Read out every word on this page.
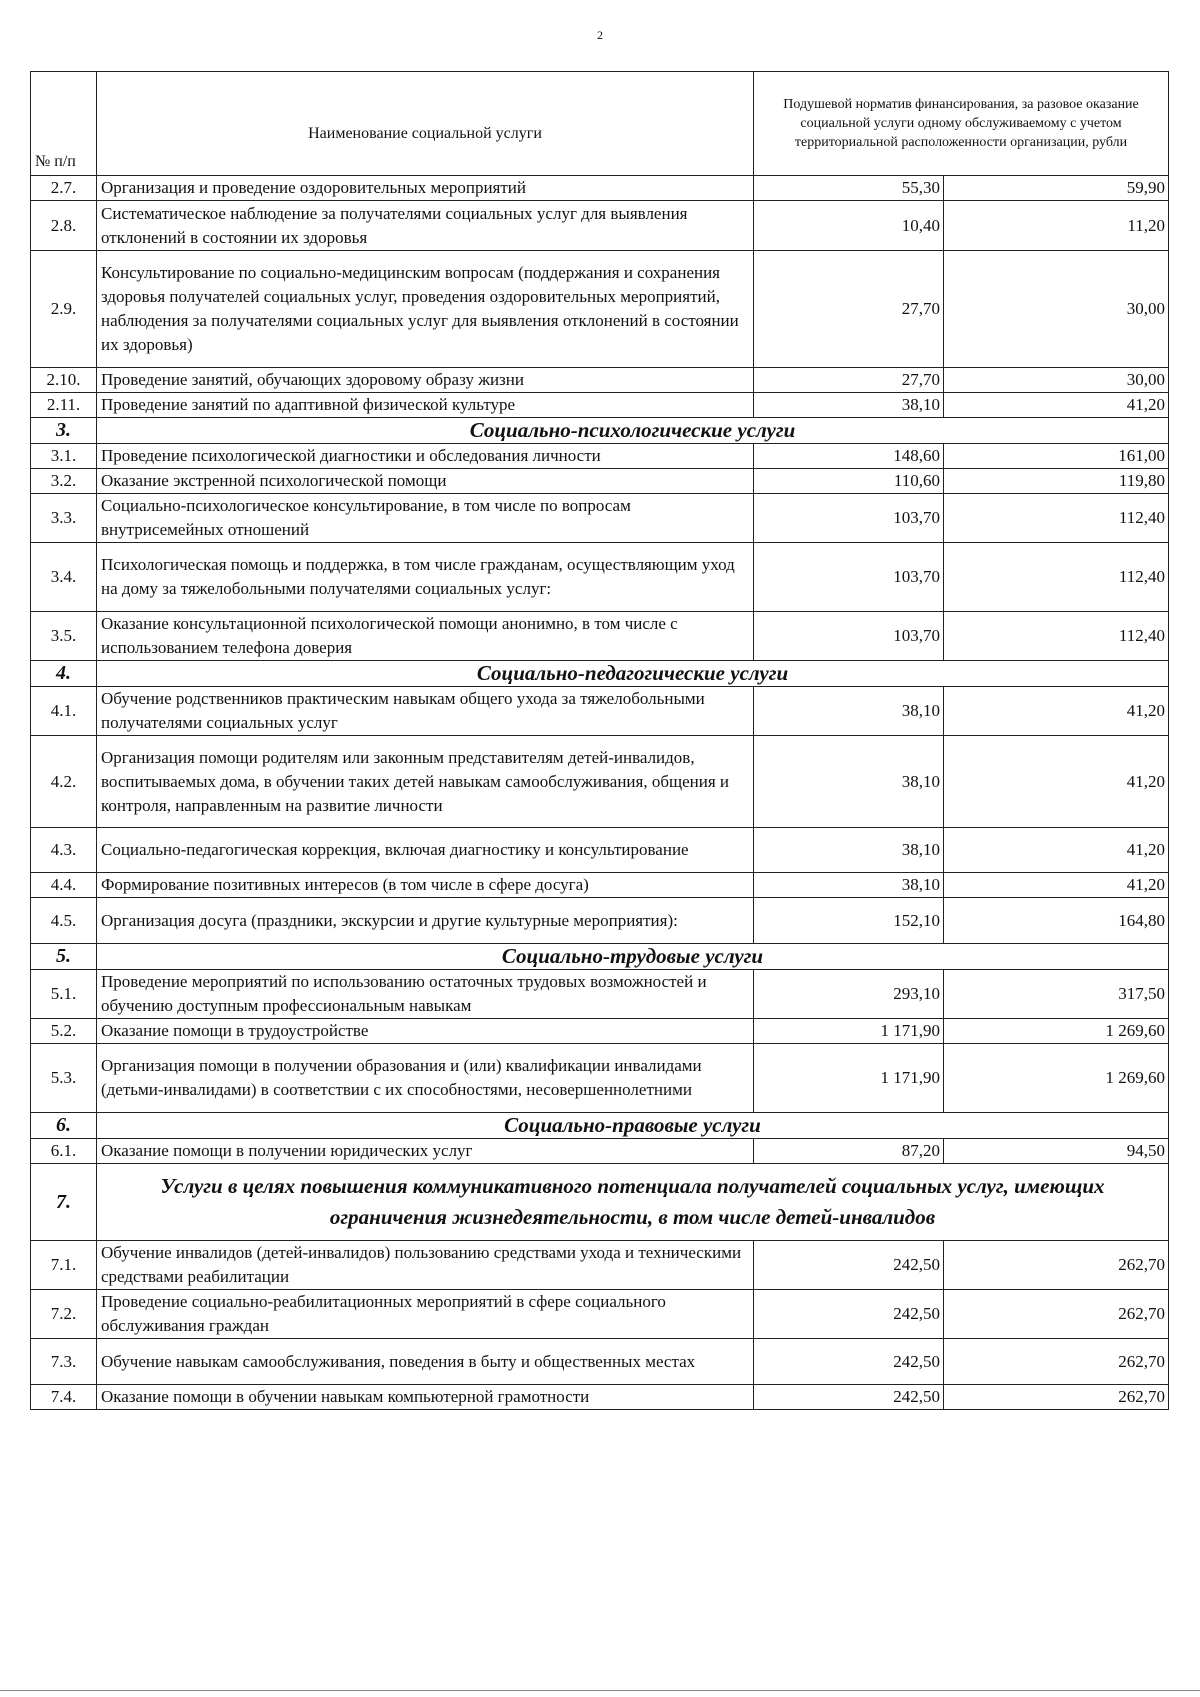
2
№ п/п	Наименование социальной услуги	Подушевой норматив финансирования, за разовое оказание социальной услуги одному обслуживаемому с учетом территориальной расположенности организации, рубли	
2.7.	Организация и проведение оздоровительных мероприятий	55,30	59,90
2.8.	Систематическое наблюдение за получателями социальных услуг для выявления отклонений в состоянии их здоровья	10,40	11,20
2.9.	Консультирование по социально-медицинским вопросам (поддержания и сохранения здоровья получателей социальных услуг, проведения оздоровительных мероприятий, наблюдения за получателями социальных услуг для выявления отклонений в состоянии их здоровья)	27,70	30,00
2.10.	Проведение занятий, обучающих здоровому образу жизни	27,70	30,00
2.11.	Проведение занятий по адаптивной физической культуре	38,10	41,20
3.	Социально-психологические услуги		
3.1.	Проведение психологической диагностики и обследования личности	148,60	161,00
3.2.	Оказание экстренной психологической помощи	110,60	119,80
3.3.	Социально-психологическое консультирование, в том числе по вопросам внутрисемейных отношений	103,70	112,40
3.4.	Психологическая помощь и поддержка, в том числе гражданам, осуществляющим уход на дому за тяжелобольными получателями социальных услуг:	103,70	112,40
3.5.	Оказание консультационной психологической помощи анонимно, в том числе с использованием телефона доверия	103,70	112,40
4.	Социально-педагогические услуги		
4.1.	Обучение родственников практическим навыкам общего ухода за тяжелобольными получателями социальных услуг	38,10	41,20
4.2.	Организация помощи родителям или законным представителям детей-инвалидов, воспитываемых дома, в обучении таких детей навыкам самообслуживания, общения и контроля, направленным на развитие личности	38,10	41,20
4.3.	Социально-педагогическая коррекция, включая диагностику и консультирование	38,10	41,20
4.4.	Формирование позитивных интересов (в том числе в сфере досуга)	38,10	41,20
4.5.	Организация досуга (праздники, экскурсии и другие культурные мероприятия):	152,10	164,80
5.	Социально-трудовые услуги		
5.1.	Проведение мероприятий по использованию остаточных трудовых возможностей и обучению доступным профессиональным навыкам	293,10	317,50
5.2.	Оказание помощи в трудоустройстве	1 171,90	1 269,60
5.3.	Организация помощи в получении образования и (или) квалификации инвалидами (детьми-инвалидами) в соответствии с их способностями, несовершеннолетними	1 171,90	1 269,60
6.	Социально-правовые услуги		
6.1.	Оказание помощи в получении юридических услуг	87,20	94,50
7.	Услуги в целях повышения коммуникативного потенциала получателей социальных услуг, имеющих ограничения жизнедеятельности, в том числе детей-инвалидов		
7.1.	Обучение инвалидов (детей-инвалидов) пользованию средствами ухода и техническими средствами реабилитации	242,50	262,70
7.2.	Проведение социально-реабилитационных мероприятий в сфере социального обслуживания граждан	242,50	262,70
7.3.	Обучение навыкам самообслуживания, поведения в быту и общественных местах	242,50	262,70
7.4.	Оказание помощи в обучении навыкам компьютерной грамотности	242,50	262,70
